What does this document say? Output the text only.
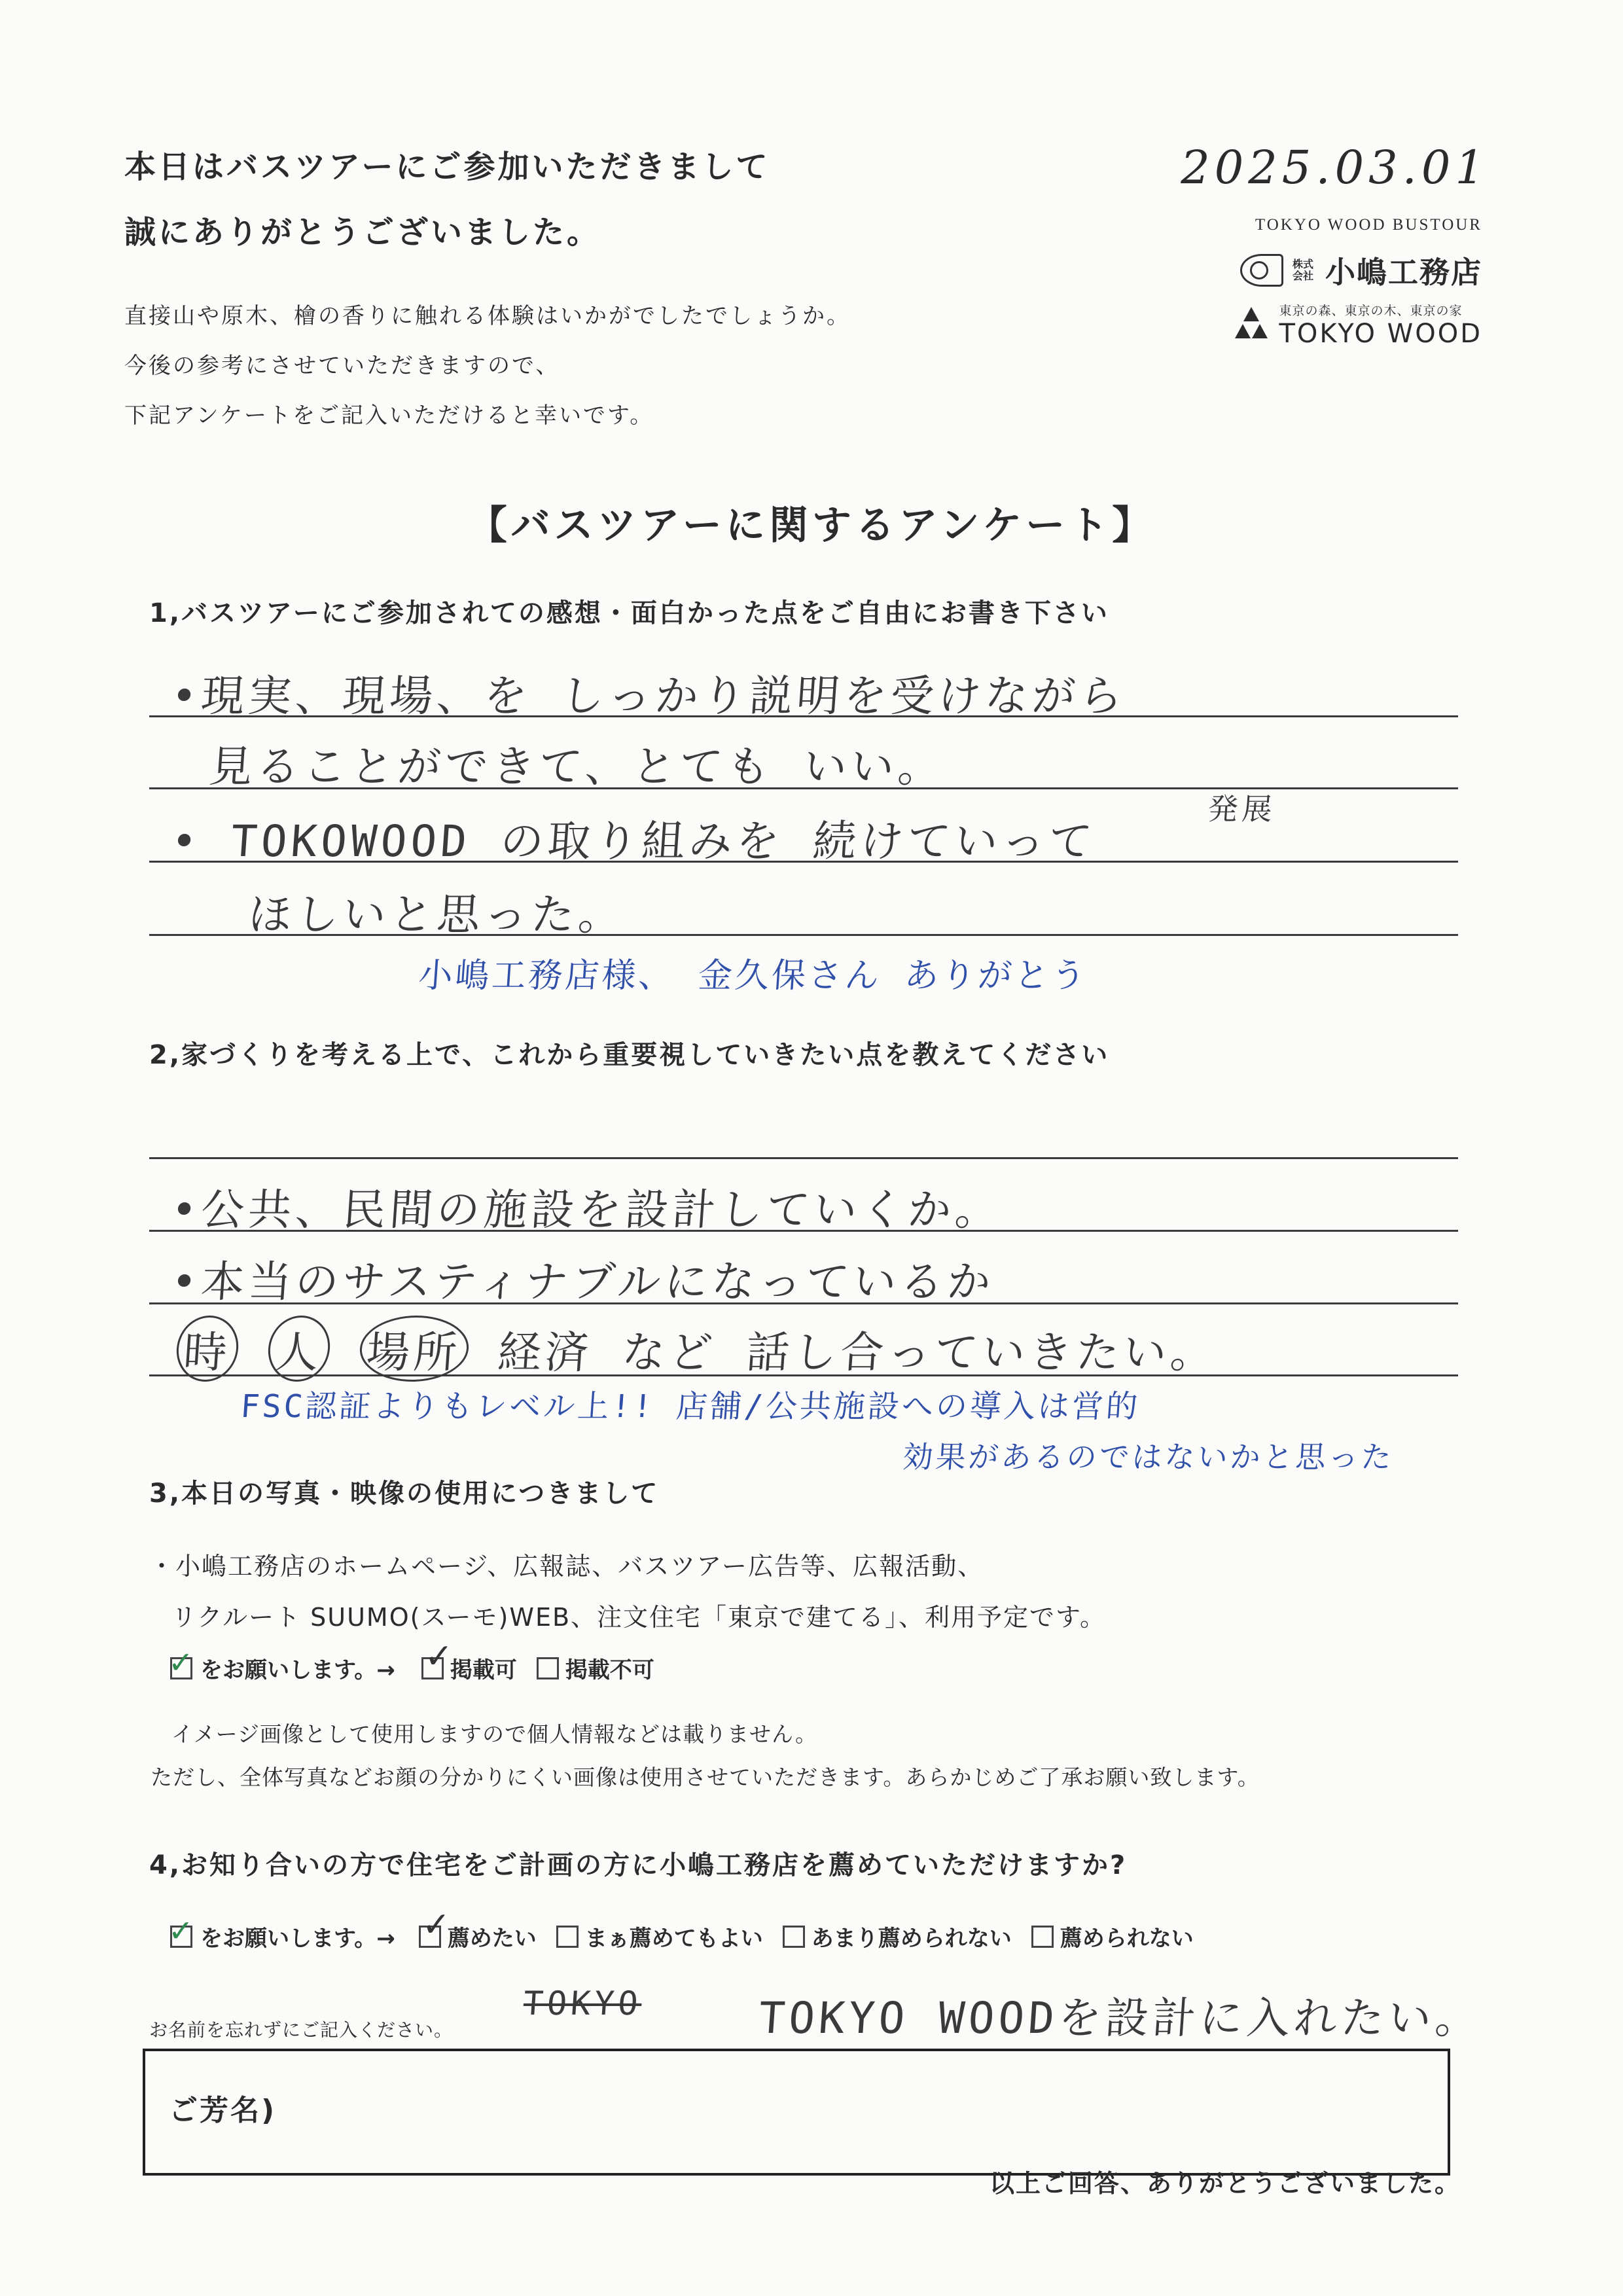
本日はバスツアーにご参加いただきまして
誠にありがとうございました。
直接山や原木、檜の香りに触れる体験はいかがでしたでしょうか。
今後の参考にさせていただきますので、
下記アンケートをご記入いただけると幸いです。
2025.03.01
TOKYO WOOD BUSTOUR
株式会社 小嶋工務店
東京の森、東京の木、東京の家
TOKYO WOOD
【バスツアーに関するアンケート】
1,バスツアーにご参加されての感想・面白かった点をご自由にお書き下さい
•現実、現場、を しっかり説明を受けながら
見ることができて、とても いい。
• TOKOWOOD の取り組みを 続けていって
発展
ほしいと思った。
小嶋工務店様、 金久保さん ありがとう
2,家づくりを考える上で、これから重要視していきたい点を教えてください
•公共、民間の施設を設計していくか。
•本当のサスティナブルになっているか
時 人 場所 経済 など 話し合っていきたい。
FSC認証よりもレベル上!! 店舗/公共施設への導入は営的
効果があるのではないかと思った
3,本日の写真・映像の使用につきまして
・小嶋工務店のホームページ、広報誌、バスツアー広告等、広報活動、
リクルート SUUMO(スーモ)WEB、注文住宅「東京で建てる」、利用予定です。
✓
をお願いします。→ ✓ 掲載可 掲載不可
イメージ画像として使用しますので個人情報などは載りません。
ただし、全体写真などお顔の分かりにくい画像は使用させていただきます。あらかじめご了承お願い致します。
4,お知り合いの方で住宅をご計画の方に小嶋工務店を薦めていただけますか?
✓
をお願いします。→ ✓ 薦めたい まぁ薦めてもよい あまり薦められない 薦められない
お名前を忘れずにご記入ください。
TOKYO	TOKYO WOODを設計に入れたい。
ご芳名)
以上ご回答、ありがとうございました。
